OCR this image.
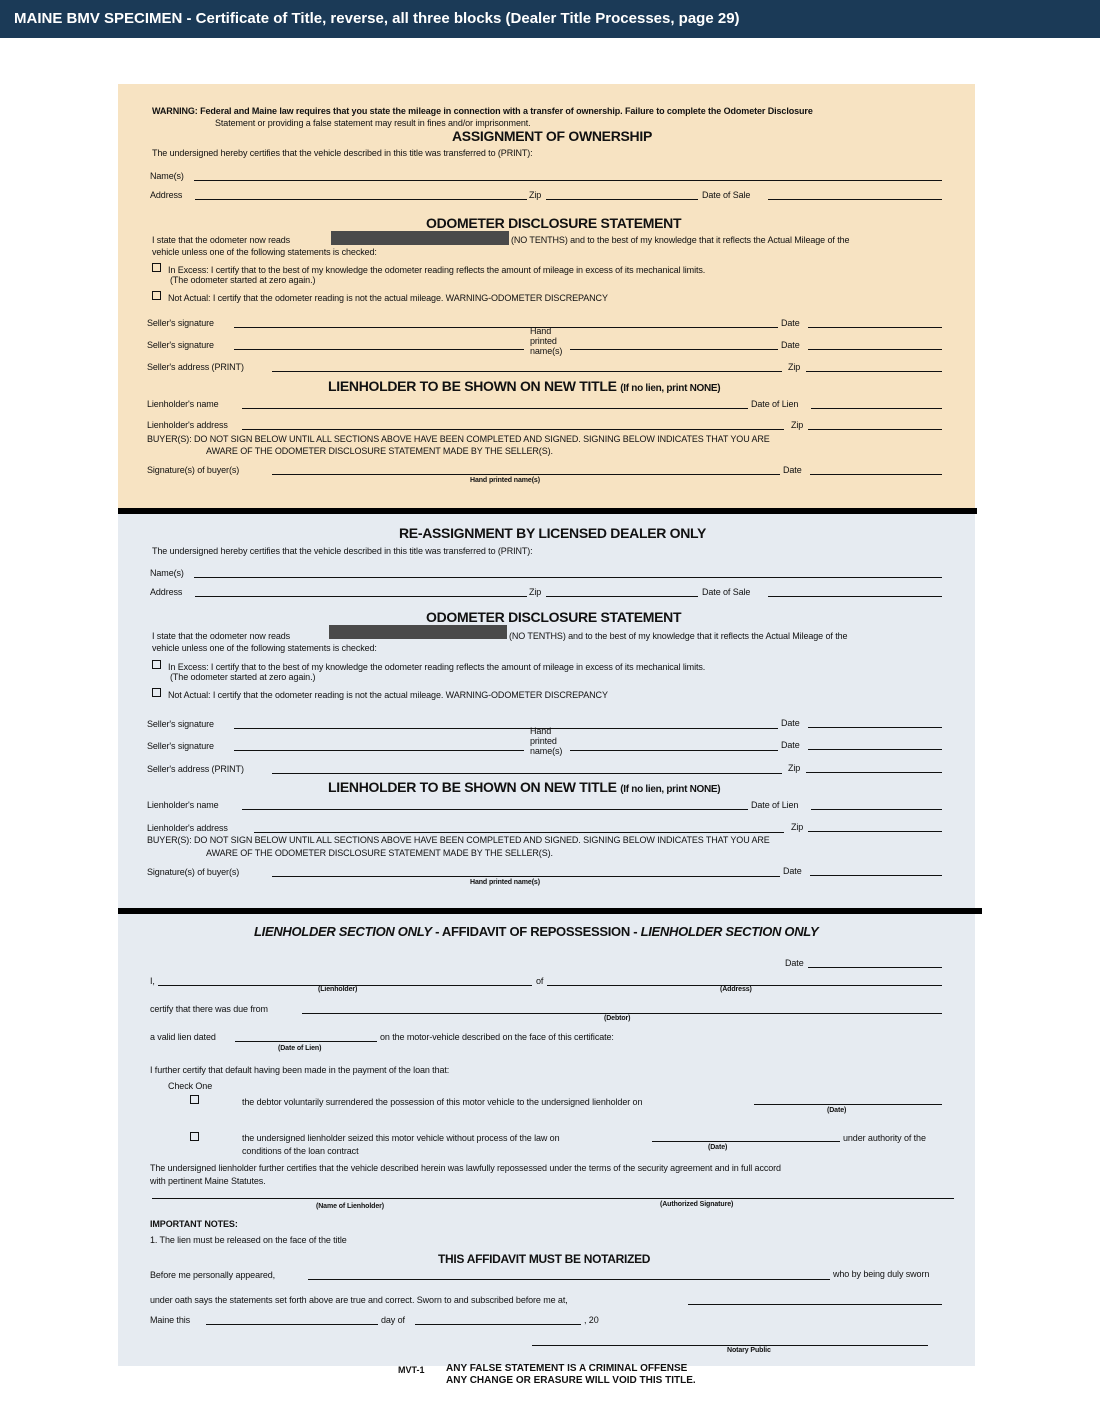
MAINE BMV SPECIMEN - Certificate of Title, reverse, all three blocks (Dealer Title Processes, page 29)
WARNING: Federal and Maine law requires that you state the mileage in connection with a transfer of ownership. Failure to complete the Odometer Disclosure
Statement or providing a false statement may result in fines and/or imprisonment.
ASSIGNMENT OF OWNERSHIP
The undersigned hereby certifies that the vehicle described in this title was transferred to (PRINT):
Name(s)
Address	Zip	Date of Sale
ODOMETER DISCLOSURE STATEMENT
I state that the odometer now reads	(NO TENTHS) and to the best of my knowledge that it reflects the Actual Mileage of the
vehicle unless one of the following statements is checked:
In Excess: I certify that to the best of my knowledge the odometer reading reflects the amount of mileage in excess of its mechanical limits.
(The odometer started at zero again.)
Not Actual: I certify that the odometer reading is not the actual mileage. WARNING-ODOMETER DISCREPANCY
Seller's signature	Date
Hand
printed
name(s)
Seller's signature	Date
Seller's address (PRINT)	Zip
LIENHOLDER TO BE SHOWN ON NEW TITLE (If no lien, print NONE)
Lienholder's name	Date of Lien
Lienholder's address	Zip
BUYER(S): DO NOT SIGN BELOW UNTIL ALL SECTIONS ABOVE HAVE BEEN COMPLETED AND SIGNED. SIGNING BELOW INDICATES THAT YOU ARE
AWARE OF THE ODOMETER DISCLOSURE STATEMENT MADE BY THE SELLER(S).
Signature(s) of buyer(s)	Date
Hand printed name(s)
RE-ASSIGNMENT BY LICENSED DEALER ONLY
The undersigned hereby certifies that the vehicle described in this title was transferred to (PRINT):
Name(s)
Address	Zip	Date of Sale
ODOMETER DISCLOSURE STATEMENT
I state that the odometer now reads	(NO TENTHS) and to the best of my knowledge that it reflects the Actual Mileage of the
vehicle unless one of the following statements is checked:
In Excess: I certify that to the best of my knowledge the odometer reading reflects the amount of mileage in excess of its mechanical limits.
(The odometer started at zero again.)
Not Actual: I certify that the odometer reading is not the actual mileage. WARNING-ODOMETER DISCREPANCY
Seller's signature	Date
Hand
printed
name(s)
Seller's signature	Date
Seller's address (PRINT)	Zip
LIENHOLDER TO BE SHOWN ON NEW TITLE (If no lien, print NONE)
Lienholder's name	Date of Lien
Lienholder's address	Zip
BUYER(S): DO NOT SIGN BELOW UNTIL ALL SECTIONS ABOVE HAVE BEEN COMPLETED AND SIGNED. SIGNING BELOW INDICATES THAT YOU ARE
AWARE OF THE ODOMETER DISCLOSURE STATEMENT MADE BY THE SELLER(S).
Signature(s) of buyer(s)	Date
Hand printed name(s)
LIENHOLDER SECTION ONLY - AFFIDAVIT OF REPOSSESSION - LIENHOLDER SECTION ONLY
Date
I,	of
(Lienholder)	(Address)
certify that there was due from
(Debtor)
a valid lien dated	on the motor-vehicle described on the face of this certificate:
(Date of Lien)
I further certify that default having been made in the payment of the loan that:
Check One
the debtor voluntarily surrendered the possession of this motor vehicle to the undersigned lienholder on
(Date)
the undersigned lienholder seized this motor vehicle without process of the law on	under authority of the
conditions of the loan contract	(Date)
The undersigned lienholder further certifies that the vehicle described herein was lawfully repossessed under the terms of the security agreement and in full accord
with pertinent Maine Statutes.
(Name of Lienholder)	(Authorized Signature)
IMPORTANT NOTES:
1. The lien must be released on the face of the title
THIS AFFIDAVIT MUST BE NOTARIZED
Before me personally appeared,	who by being duly sworn
under oath says the statements set forth above are true and correct. Sworn to and subscribed before me at,
Maine this	day of	, 20
Notary Public
MVT-1 ANY FALSE STATEMENT IS A CRIMINAL OFFENSE
ANY CHANGE OR ERASURE WILL VOID THIS TITLE.
